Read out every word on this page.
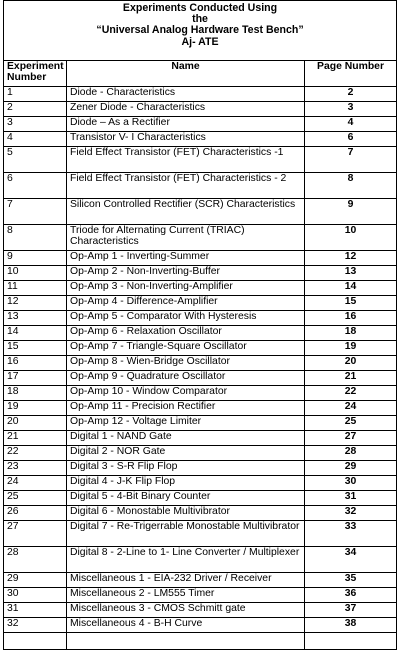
Experiments Conducted Using
the
“Universal Analog Hardware Test Bench”
Aj- ATE		

Experiment Number	Name	Page Number
1	Diode - Characteristics	2
2	Zener Diode - Characteristics	3
3	Diode – As a Rectifier	4
4	Transistor V- I Characteristics	6
5	Field Effect Transistor (FET) Characteristics -1	7
6	Field Effect Transistor (FET) Characteristics - 2	8
7	Silicon Controlled Rectifier (SCR) Characteristics	9
8	Triode for Alternating Current (TRIAC) Characteristics	10
9	Op-Amp 1 - Inverting-Summer	12
10	Op-Amp 2 - Non-Inverting-Buffer	13
11	Op-Amp 3 - Non-Inverting-Amplifier	14
12	Op-Amp 4 - Difference-Amplifier	15
13	Op-Amp 5 - Comparator With Hysteresis	16
14	Op-Amp 6 - Relaxation Oscillator	18
15	Op-Amp 7 - Triangle-Square Oscillator	19
16	Op-Amp 8 - Wien-Bridge Oscillator	20
17	Op-Amp 9 - Quadrature Oscillator	21
18	Op-Amp 10 - Window Comparator	22
19	Op-Amp 11 - Precision Rectifier	24
20	Op-Amp 12 - Voltage Limiter	25
21	Digital 1 - NAND Gate	27
22	Digital 2 - NOR Gate	28
23	Digital 3 - S-R Flip Flop	29
24	Digital 4 - J-K Flip Flop	30
25	Digital 5 - 4-Bit Binary Counter	31
26	Digital 6 - Monostable Multivibrator	32
27	Digital 7 - Re-Trigerrable Monostable Multivibrator	33
28	Digital 8 - 2-Line to 1- Line Converter / Multiplexer	34
29	Miscellaneous 1 - EIA-232 Driver / Receiver	35
30	Miscellaneous 2 - LM555 Timer	36
31	Miscellaneous 3 - CMOS Schmitt gate	37
32	Miscellaneous 4 - B-H Curve	38
